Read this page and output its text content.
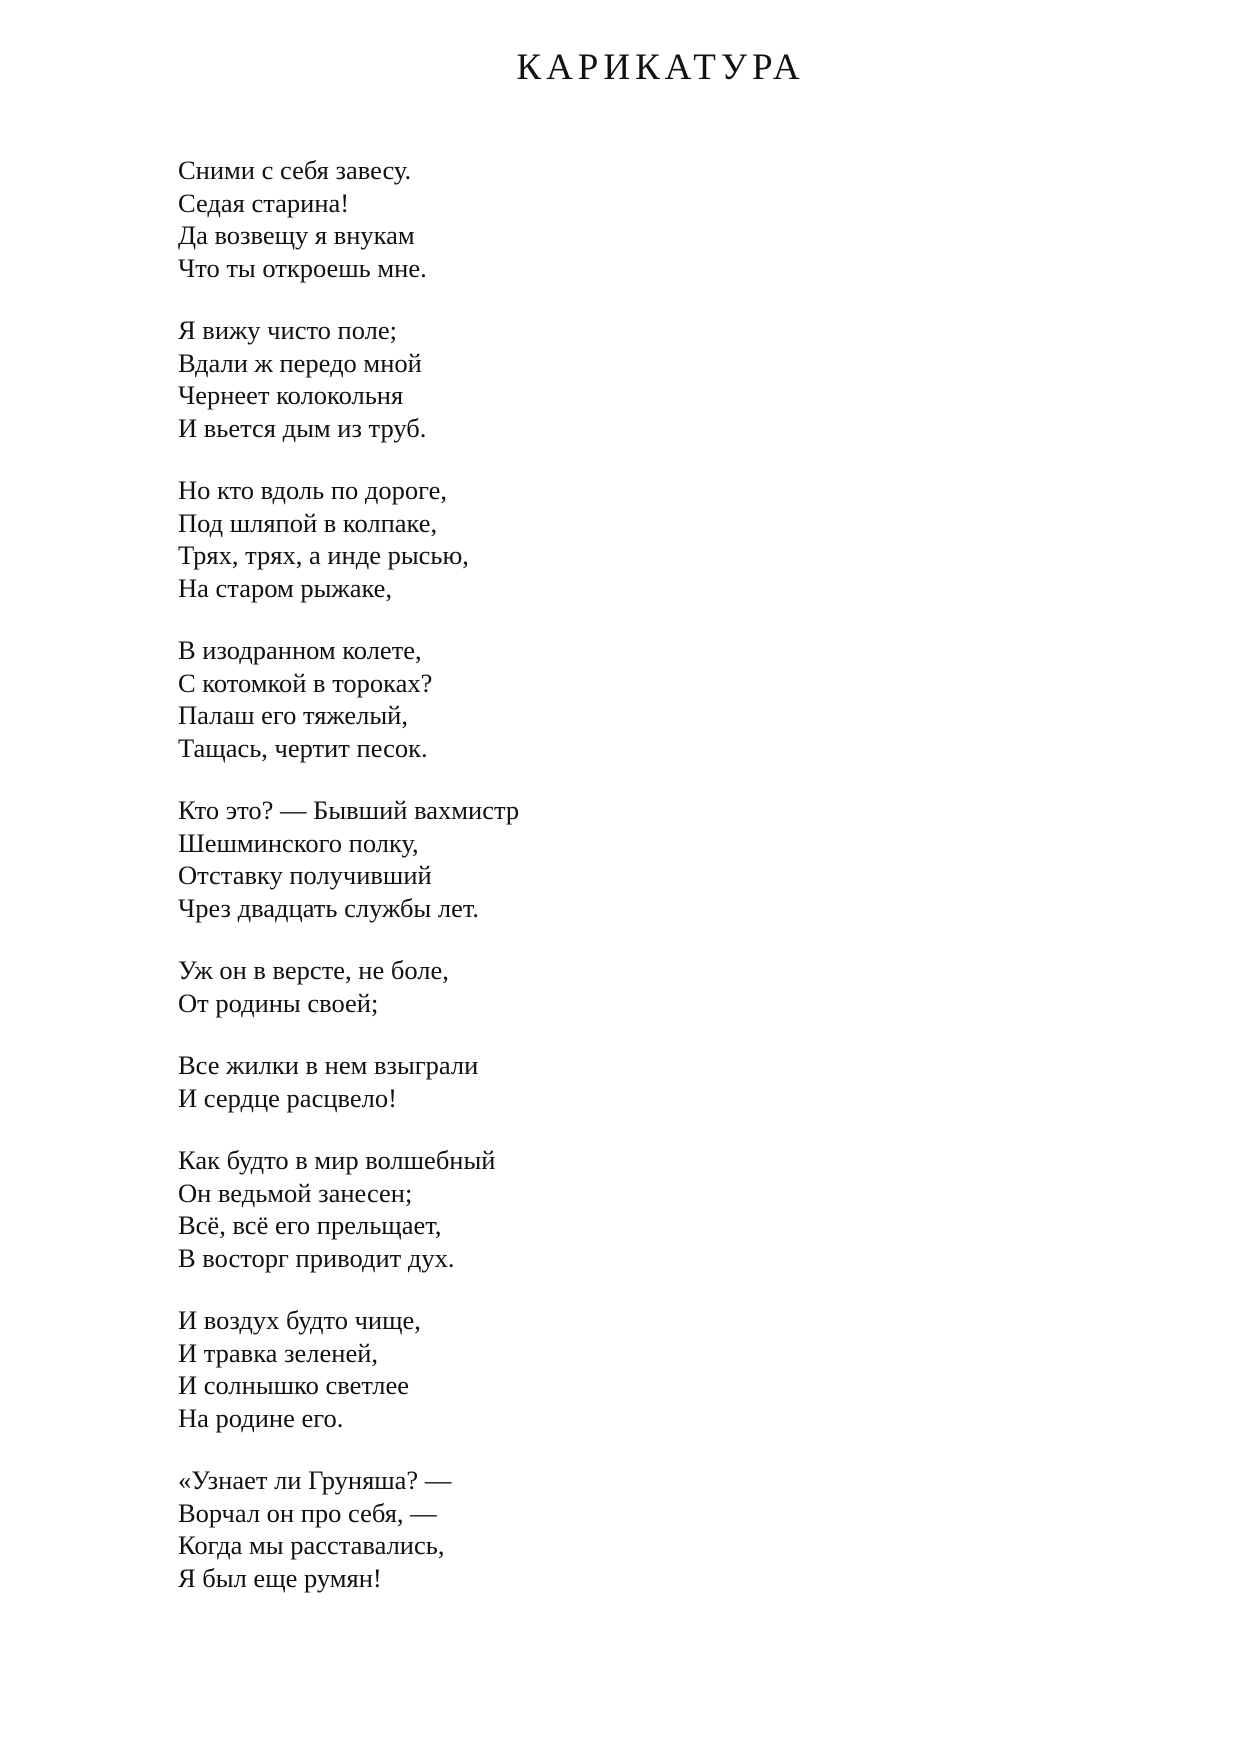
КАРИКАТУРА
Сними с себя завесу.
Седая старина!
Да возвещу я внукам
Что ты откроешь мне.
Я вижу чисто поле;
Вдали ж передо мной
Чернеет колокольня
И вьется дым из труб.
Но кто вдоль по дороге,
Под шляпой в колпаке,
Трях, трях, а инде рысью,
На старом рыжаке,
В изодранном колете,
С котомкой в тороках?
Палаш его тяжелый,
Тащась, чертит песок.
Кто это? — Бывший вахмистр
Шешминского полку,
Отставку получивший
Чрез двадцать службы лет.
Уж он в версте, не боле,
От родины своей;
Все жилки в нем взыграли
И сердце расцвело!
Как будто в мир волшебный
Он ведьмой занесен;
Всё, всё его прельщает,
В восторг приводит дух.
И воздух будто чище,
И травка зеленей,
И солнышко светлее
На родине его.
«Узнает ли Груняша? —
Ворчал он про себя, —
Когда мы расставались,
Я был еще румян!
